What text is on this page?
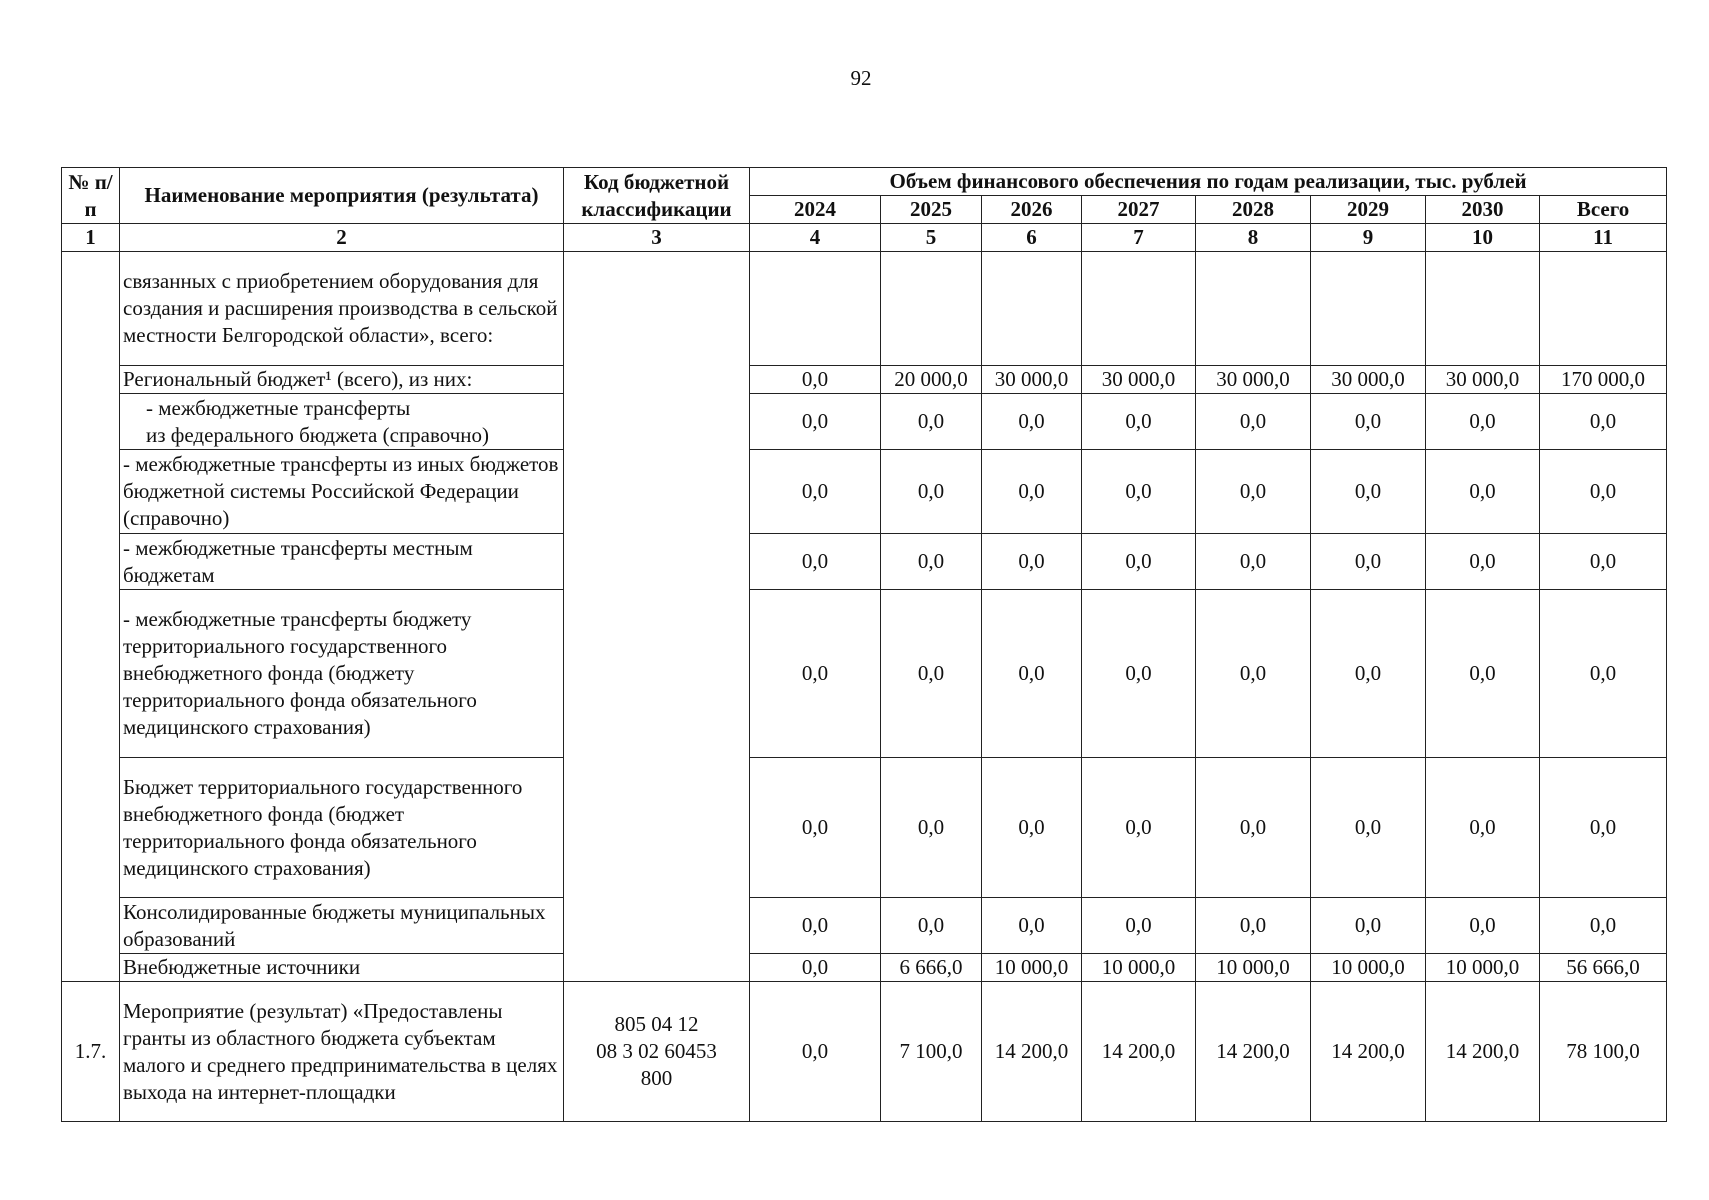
92
№ п/п	Наименование мероприятия (результата)	Код бюджетной классификации	Объем финансового обеспечения по годам реализации, тыс. рублей							
			2024	2025	2026	2027	2028	2029	2030	Всего
1	2	3	4	5	6	7	8	9	10	11
	связанных с приобретением оборудования для создания и расширения производства в сельской местности Белгородской области», всего:									
	Региональный бюджет¹ (всего), из них:		0,0	20 000,0	30 000,0	30 000,0	30 000,0	30 000,0	30 000,0	170 000,0
	- межбюджетные трансферты
из федерального бюджета (справочно)		0,0	0,0	0,0	0,0	0,0	0,0	0,0	0,0
	- межбюджетные трансферты из иных бюджетов бюджетной системы Российской Федерации (справочно)		0,0	0,0	0,0	0,0	0,0	0,0	0,0	0,0
	- межбюджетные трансферты местным бюджетам		0,0	0,0	0,0	0,0	0,0	0,0	0,0	0,0
	- межбюджетные трансферты бюджету территориального государственного внебюджетного фонда (бюджету территориального фонда обязательного медицинского страхования)		0,0	0,0	0,0	0,0	0,0	0,0	0,0	0,0
	Бюджет территориального государственного внебюджетного фонда (бюджет территориального фонда обязательного медицинского страхования)		0,0	0,0	0,0	0,0	0,0	0,0	0,0	0,0
	Консолидированные бюджеты муниципальных образований		0,0	0,0	0,0	0,0	0,0	0,0	0,0	0,0
	Внебюджетные источники		0,0	6 666,0	10 000,0	10 000,0	10 000,0	10 000,0	10 000,0	56 666,0
1.7.	Мероприятие (результат) «Предоставлены гранты из областного бюджета субъектам малого и среднего предпринимательства в целях выхода на интернет-площадки	805 04 12
08 3 02 60453
800	0,0	7 100,0	14 200,0	14 200,0	14 200,0	14 200,0	14 200,0	78 100,0
